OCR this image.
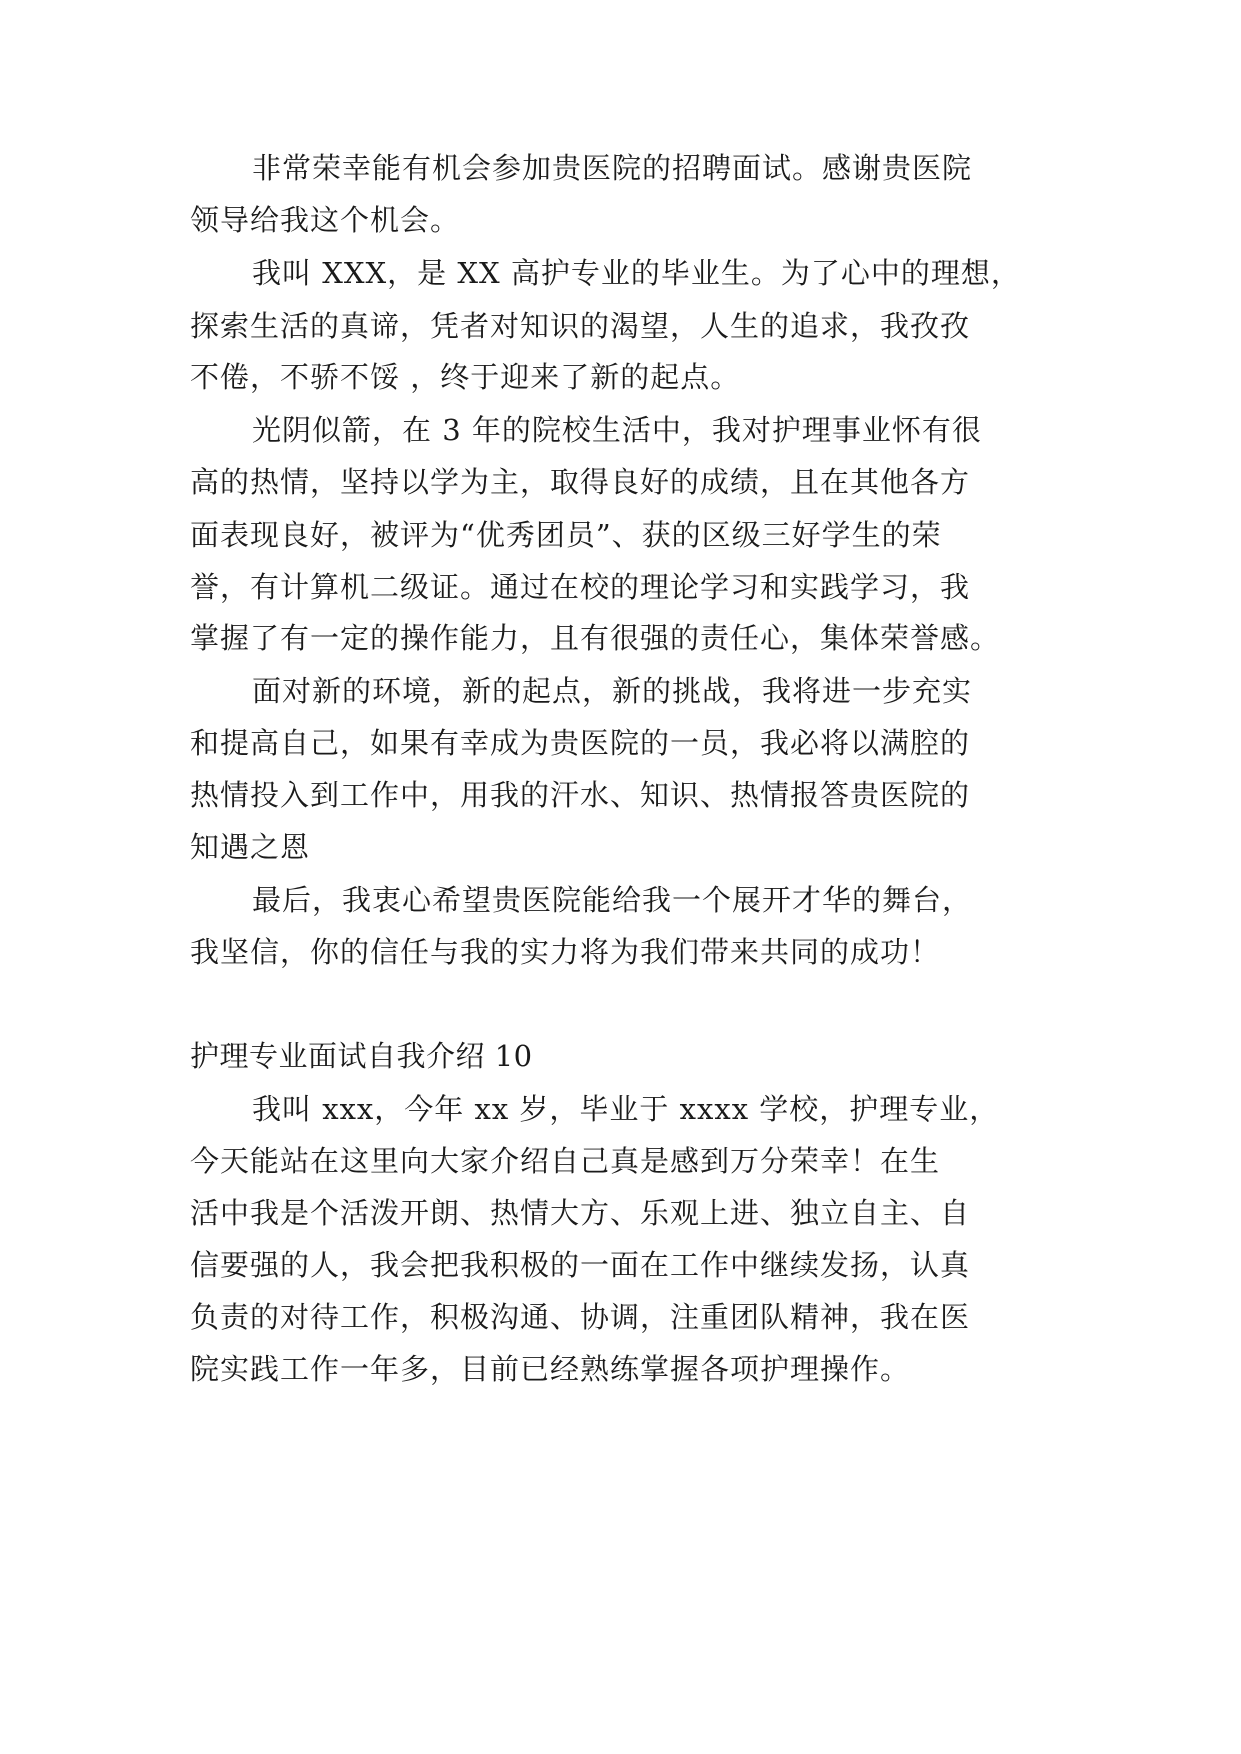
非常荣幸能有机会参加贵医院的招聘面试。感谢贵医院
领导给我这个机会。
我叫 XXX，是 XX 高护专业的毕业生。为了心中的理想，
探索生活的真谛，凭者对知识的渴望，人生的追求，我孜孜
不倦，不骄不馁 ，终于迎来了新的起点。
光阴似箭，在 3 年的院校生活中，我对护理事业怀有很
高的热情，坚持以学为主，取得良好的成绩，且在其他各方
面表现良好，被评为“优秀团员”、获的区级三好学生的荣
誉，有计算机二级证。通过在校的理论学习和实践学习，我
掌握了有一定的操作能力，且有很强的责任心，集体荣誉感。
面对新的环境，新的起点，新的挑战，我将进一步充实
和提高自己，如果有幸成为贵医院的一员，我必将以满腔的
热情投入到工作中，用我的汗水、知识、热情报答贵医院的
知遇之恩
最后，我衷心希望贵医院能给我一个展开才华的舞台，
我坚信，你的信任与我的实力将为我们带来共同的成功！
护理专业面试自我介绍 10
我叫 xxx，今年 xx 岁，毕业于 xxxx 学校，护理专业，
今天能站在这里向大家介绍自己真是感到万分荣幸！在生
活中我是个活泼开朗、热情大方、乐观上进、独立自主、自
信要强的人，我会把我积极的一面在工作中继续发扬，认真
负责的对待工作，积极沟通、协调，注重团队精神，我在医
院实践工作一年多，目前已经熟练掌握各项护理操作。
